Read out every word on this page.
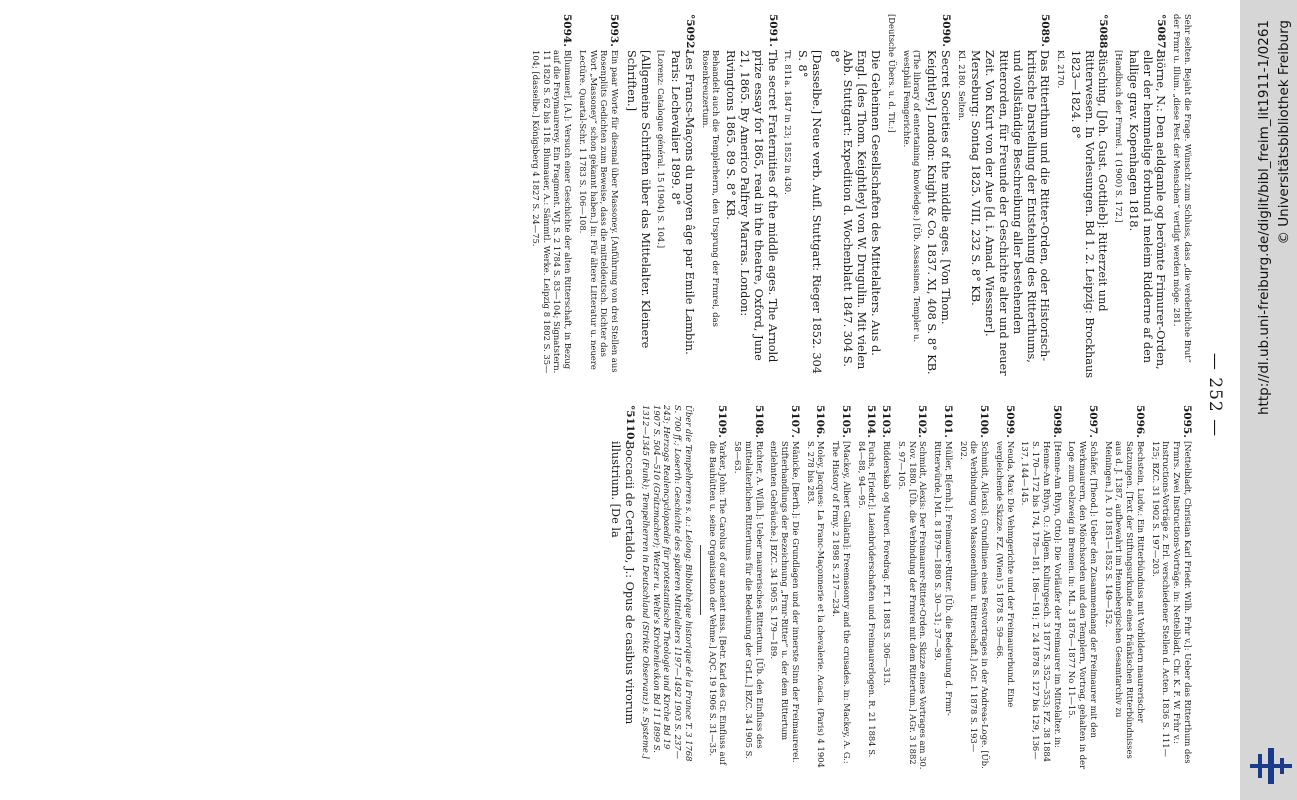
— 252 —
Sehr selten. Bejaht die Frage. Wünscht zum Schluss, dass „die verderbliche Brut“ der Frmr u. Illum. „diese Pest der Menschen“ vertilgt werden möge. 281.
°5087.
Biörne, N.: Den aeldgamle og berömte Frimurer-Orden, eller der hemmelige forbund i meleim Ridderne af den hallige grav. Kopenhagen 1818.
[Handbuch der Frmrei. 1 (1900) S. 172.]
°5088.
Büsching, [Joh. Gust. Gottlieb]: Ritterzeit und Ritterwesen. In Vorlesungen. Bd 1. 2. Leipzig: Brockhaus 1823—1824. 8°
Kl. 2170.
5089.
Das Ritterthum und die Ritter-Orden, oder Historisch-kritische Darstellung der Entstehung des Ritterthums, und vollständige Beschreibung aller bestehenden Ritterorden, für Freunde der Geschichte alter und neuer Zeit. Von Kurt von der Aue [d. i. Amad. Wiessner]. Merseburg: Sontag 1825. VIII, 232 S. 8° KB.
Kl. 2180. Selten.
5090.
Secret Societies of the middle ages. [Von Thom. Keightley.] London: Knight & Co. 1837. XI, 408 S. 8° KB.
(The library of entertaining knowledge.) [Üb. Assassinen, Templer u. westphäl Femgerichte.
[Deutsche Übers. u. d. Tit.:]
Die Geheimen Gesellschaften des Mittelalters. Aus d. Engl. [des Thom. Keightley] von W. Drugulin. Mit vielen Abb. Stuttgart: Expedition d. Wochenblatt 1847. 304 S. 8°
[Dasselbe.] Neue verb. Aufl. Stuttgart: Rieger 1852. 304 S. 8°
Tt. 811a. 1847 in 23; 1852 in 430.
5091.
The secret Fraternities of the middle ages. The Arnold prize essay for 1865, read in the theatre, Oxford, June 21, 1865. By Americo Palfrey Marras. London: Rivingtons 1865. 89 S. 8° KB.
Behandelt auch die Templerherrn, den Ursprung der Frmrei, das Rosenkreuzertum.
°5092.
Les Francs-Maçons du moyen âge par Emile Lambin. Paris: Lechevalier 1899. 8°
[Lorenz: Catalogue général. 15 (1904) S. 104.]
[Allgemeine Schriften über das Mittelalter. Kleinere Schriften.]
5093.
Ein paar Worte für diesmal über Massoney. [Anführung von drei Stellen aus Rosenplüts Gedichten zum Beweise, dass die mitteldeutsch. Dichter das Wort „Massoney“ schon gekannt haben.] in: Für ältere Litteratur u. neuere Lectüre. Quartal-Schr. 1 1783 S. 106—108.
5094.
B[lumauer], [A.]: Versuch einer Geschichte der alten Ritterschaft, in Bezug auf die Freymaurerey. Ein Fragment. WJ. S. 2 1784 S. 83—104; Signatstern. 11 1820 S. 62 bis 118. Blumauer, A.: Sämmtl. Werke. Leipzig 8 1802 S. 35—104; [dasselbe.] Königsberg 4 1827 S. 24—75.
5095.
[Nettelbladt, Christian Karl Friedr. Wilh. Frhr v.]: Ueber das Ritterthum des Frmrs. Zwei Instructions-Vorträge. in: Nettelbladt, Chr. K. F. W. Frhr v.: Instructions-Vorträge z. Erl. verschiedener Stellen d. Acten. 1836 S. 111—125; BZC. 31 1902 S. 197—203.
5096.
Bechstein, Ludw.: Ein Ritterbündniss mit Vorbildern maurerischer Satzungen. [Text der Stiftungsurkunde eines fränkischen Ritterbündnisses aus d. J. 1387, aufbewahrt im Hennebergischen Gesamtarchiv zu Meiningen.] A. 10 1851—1852 S. 149—152.
5097.
Schäfer, [Theod.]: Ueber den Zusammenhang der Freimaurer mit den Werkmaurern, den Mönchsorden und den Templern, Vortrag, gehalten in der Loge zum Oelzweig in Bremen. in: ML. 3 1876—1877 No 11—15.
5098.
[Henne-Am Rhyn, Otto]: Die Vorläufer der Freimaurer im Mittelalter. in: Henne-Am Rhyn, O.: Allgem. Kulturgesch. 3 1877 S. 352—353; FZ. 38 1884 S. 170—172 bis 174, 178—181, 186—191; T. 24 1878 S. 127 bis 129, 136—137, 144—145.
5099.
Neuda, Max: Die Vehmgerichte und der Freimaurerbund. Eine vergleichende Skizze. FZ. (Wien) 5 1878 S. 59—66.
5100.
Schmidt, A[lexis]: Grundlinien eines Festvortrages in der Andreas-Loge. [Üb. die Verbindung von Massonenthum u. Ritterschaft.] AGr. 1 1878 S. 193—202.
5101.
Müller, B[ernh.]: Freimaurer-Ritter. [Üb. die Bedeutung d. Frmr-Ritterwürde.] ML. 8 1879—1880 S. 30—31; 37—39.
5102.
Schmidt, Alexis: Der Freimaurer-Ritter-Orden. Skizze eines Vortrages am 30. Nov. 1880. [Üb. die Verbindung der Frmrei mit dem Rittertum.] AGr. 3 1882 S. 97—105.
5103.
Ridderskab og Mureri. Foredrag. FT. 1 1883 S. 306—313.
5104.
Fuchs, F[riedr.]: Laienbrüderschaften und Freimaurerlogen. R. 21 1884 S. 84—88, 94—95.
5105.
[Mackey, Albert Gallatin]: Freemasonry and the crusades. in: Mackey, A. G.: The History of Frmy. 2 1898 S. 217—234.
5106.
Moley, Jacques: La Franc-Maçonnerie et la chevalerie. Acacia. (Paris) 4 1904 S. 278 bis 283.
5107.
Mänicke, [Berth.]: Die Grundlagen und der innerste Sinn der Freimaurerei. Stifterhandlungs der Bezeichnung „Frmr-Ritter“ u. der dem Rittertum entlehnten Gebräuche.] BZC. 34 1905 S. 179—189.
5108.
Richter, A. W[ilh.]: Ueber maurerisches Rittertum. [Üb. den Einfluss des mittelalterlichen Rittertums für die Bedeutung der GrLL.] BZC. 34 1905 S. 58—63.
5109.
Yarker, John: The Carolus of our ancient mss. [Betr. Karl des Gr. Einfluss auf die Bauhütten u. seine Organisation der Vehme.] AQC. 19 1906 S. 31—35.
Über die Tempelherren s. a.: Lelong: Bibliothèque historique de la France T. 3 1768 S. 700 ff.; Loserth: Geschichte des späteren Mittelalters 1197—1492 1903 S. 237—243; Herzogs Realencyclopaedie für protestantische Theologie und Kirche Bd 19 1907 S. 504—510 (Grützmacher); Wetzer u. Welte's Kirchenlexikon Bd 11 1899 S. 1312—1345 (Funk); Tempelherren in Deutschland (Strikte Observanz) s. Systeme.]
°5110.
Boccacii de Certaldo, J.: Opus de casibus virorum illustrium. [De la
http://dl.ub.uni-freiburg.de/diglit/bibl_freim_lit1911-1/0261 © Universitätsbibliothek Freiburg
